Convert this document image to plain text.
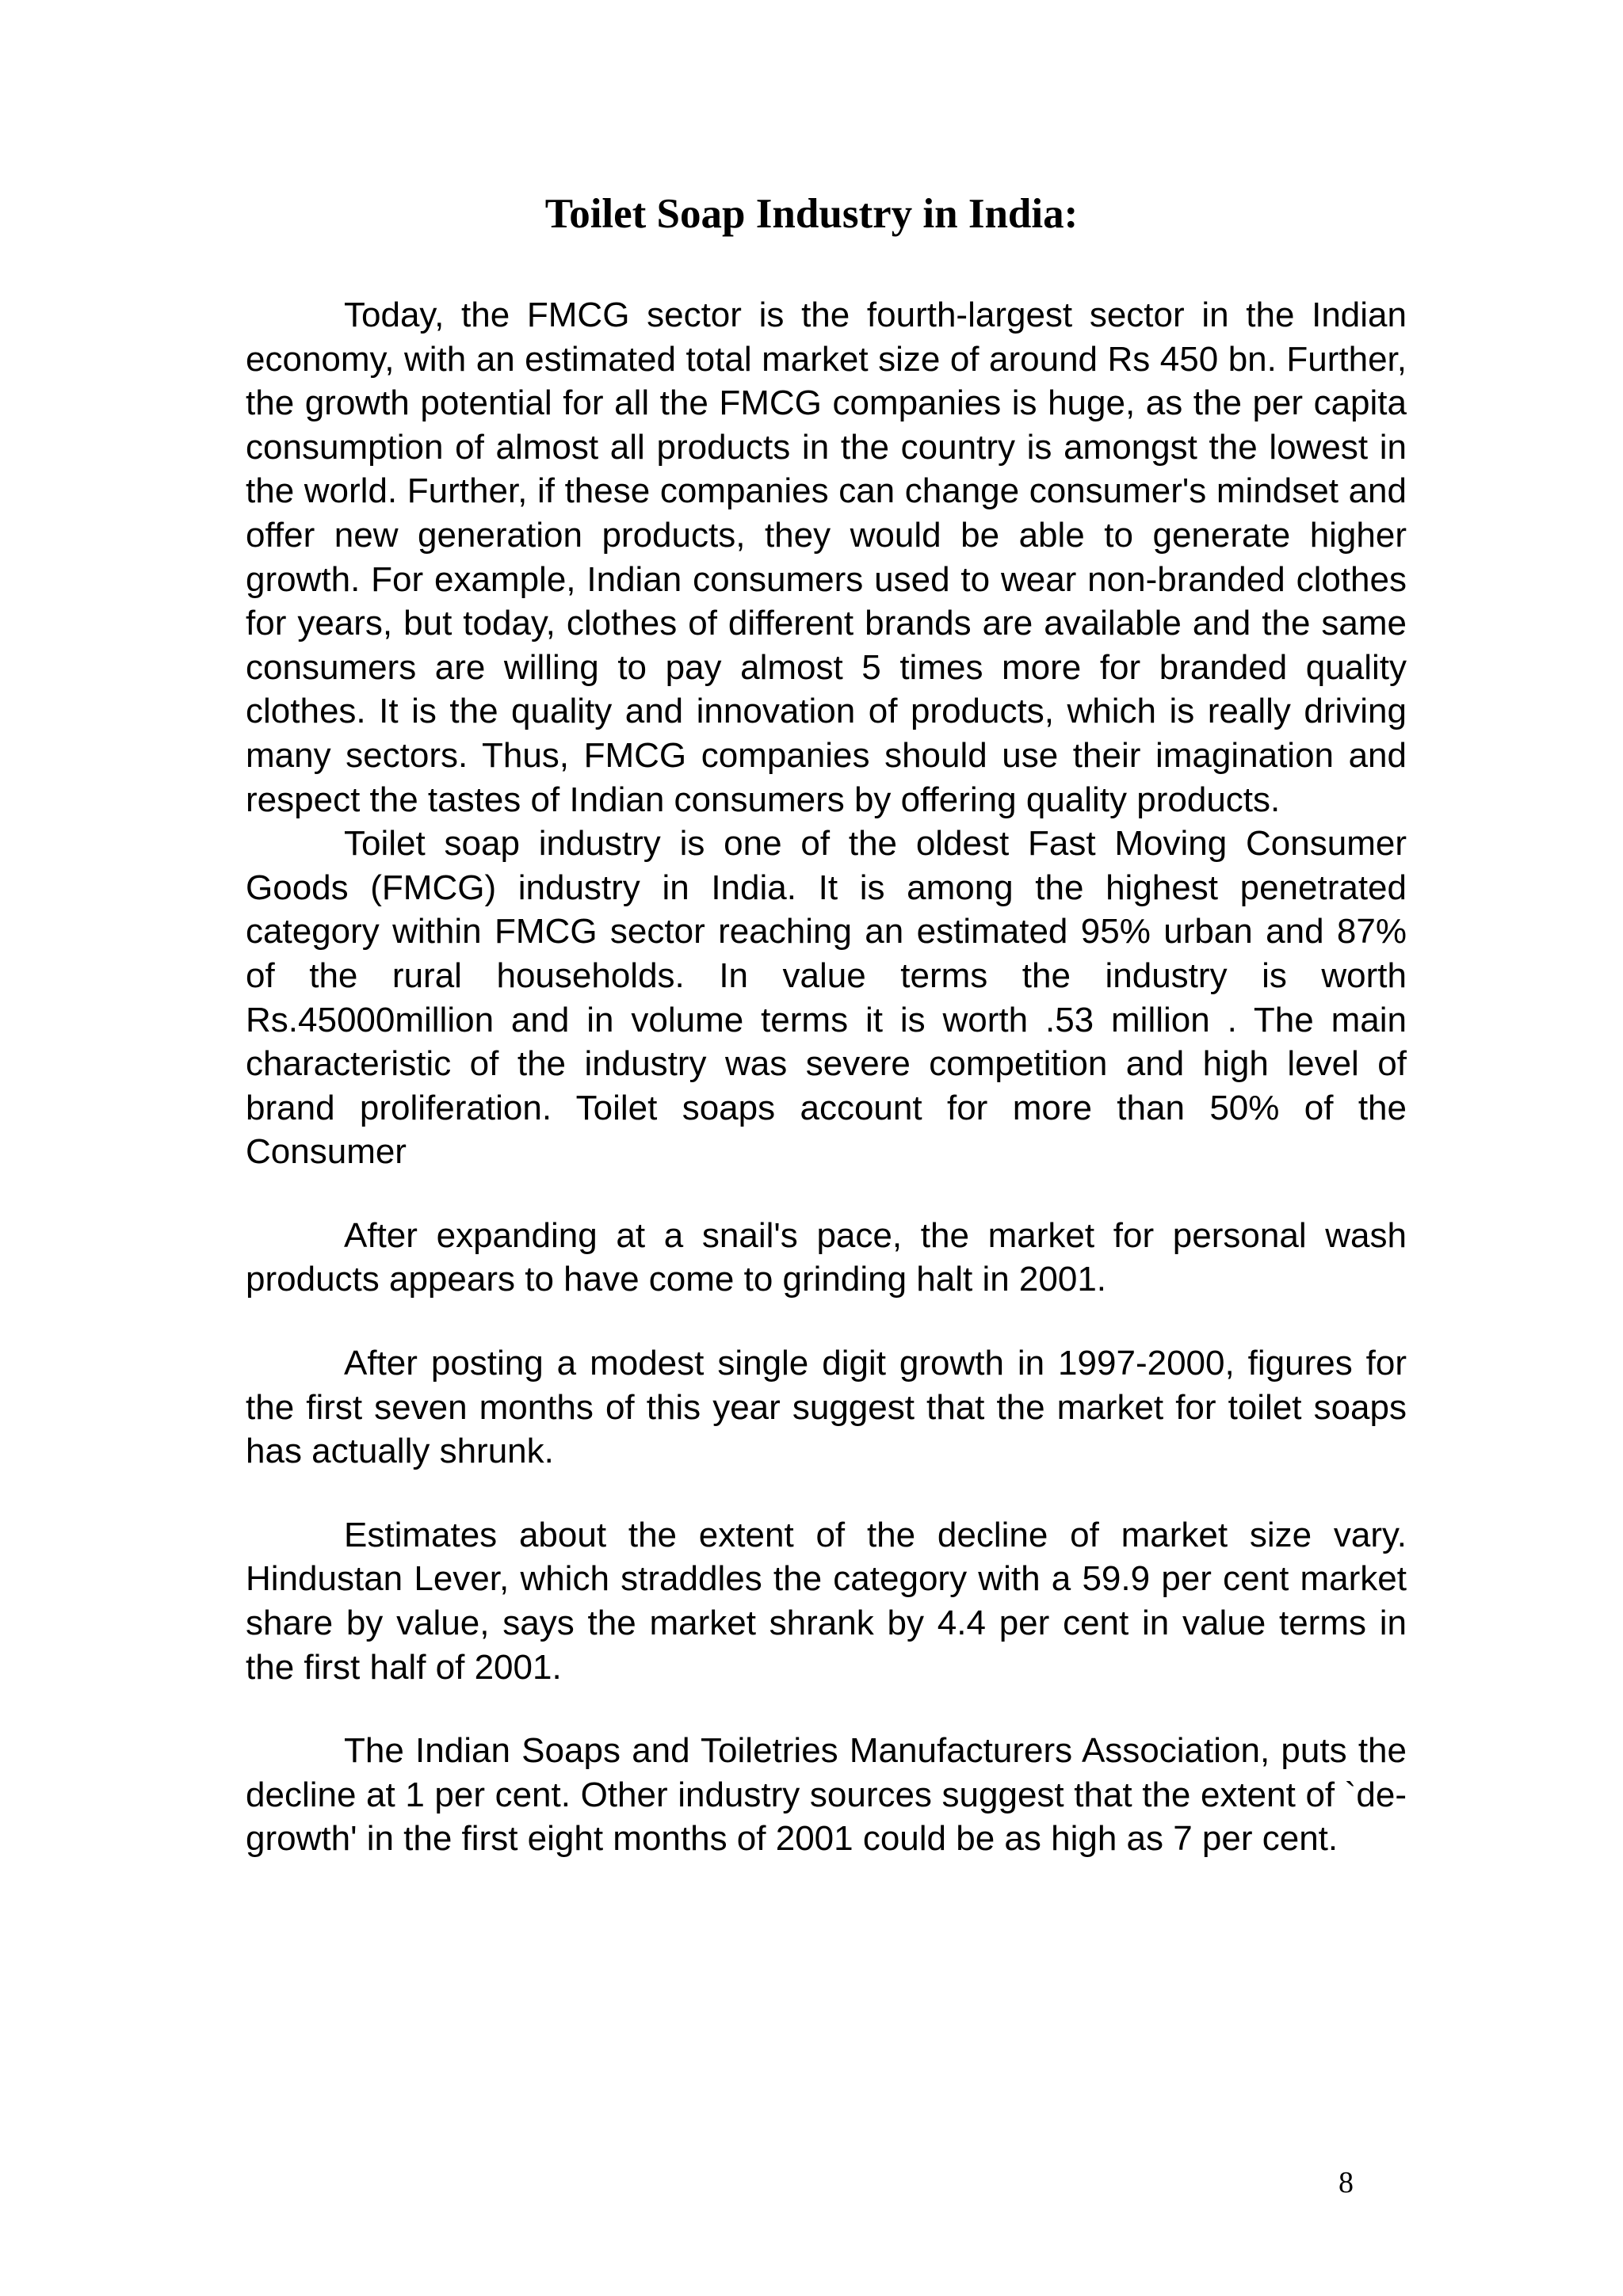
Toilet Soap Industry in India:

Today, the FMCG sector is the fourth-largest sector in the Indian economy, with an estimated total market size of around Rs 450 bn. Further, the growth potential for all the FMCG companies is huge, as the per capita consumption of almost all products in the country is amongst the lowest in the world. Further, if these companies can change consumer's mindset and offer new generation products, they would be able to generate higher growth. For example, Indian consumers used to wear non-branded clothes for years, but today, clothes of different brands are available and the same consumers are willing to pay almost 5 times more for branded quality clothes. It is the quality and innovation of products, which is really driving many sectors. Thus, FMCG companies should use their imagination and respect the tastes of Indian consumers by offering quality products.

Toilet soap industry is one of the oldest Fast Moving Consumer Goods (FMCG) industry in India. It is among the highest penetrated category within FMCG sector reaching an estimated 95% urban and 87% of the rural households. In value terms the industry is worth Rs.45000million and in volume terms it is worth .53 million . The main characteristic of the industry was severe competition and high level of brand proliferation. Toilet soaps account for more than 50% of the Consumer

After expanding at a snail's pace, the market for personal wash products appears to have come to grinding halt in 2001.

After posting a modest single digit growth in 1997-2000, figures for the first seven months of this year suggest that the market for toilet soaps has actually shrunk.

Estimates about the extent of the decline of market size vary. Hindustan Lever, which straddles the category with a 59.9 per cent market share by value, says the market shrank by 4.4 per cent in value terms in the first half of 2001.

The Indian Soaps and Toiletries Manufacturers Association, puts the decline at 1 per cent. Other industry sources suggest that the extent of `de-growth' in the first eight months of 2001 could be as high as 7 per cent.

8
